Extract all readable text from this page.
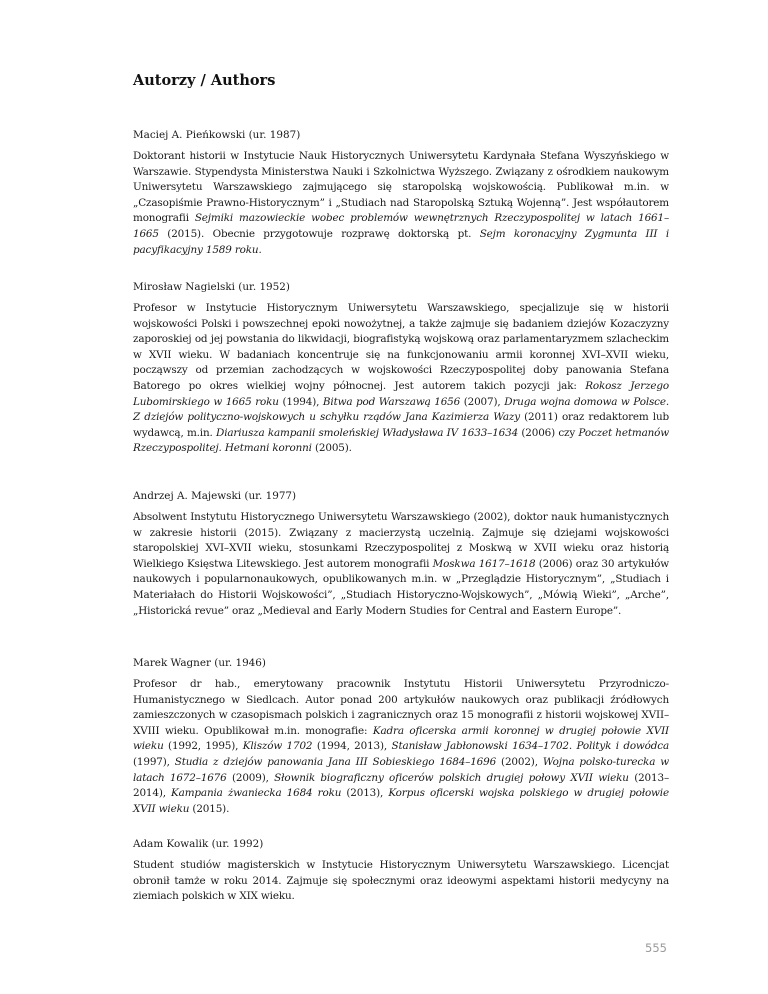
Autorzy / Authors

Maciej A. Pieńkowski (ur. 1987)

Doktorant historii w Instytucie Nauk Historycznych Uniwersytetu Kardynała Stefana Wyszyńskiego w Warszawie. Stypendysta Ministerstwa Nauki i Szkolnictwa Wyższego. Związany z ośrodkiem naukowym Uniwersytetu Warszawskiego zajmującego się staropolską wojskowością. Publikował m.in. w „Czasopiśmie Prawno-Historycznym” i „Studiach nad Staropolską Sztuką Wojenną”. Jest współautorem monografii Sejmiki mazowieckie wobec problemów wewnętrznych Rzeczypospolitej w latach 1661–1665 (2015). Obecnie przygotowuje rozprawę doktorską pt. Sejm koronacyjny Zygmunta III i pacyfikacyjny 1589 roku.

Mirosław Nagielski (ur. 1952)

Profesor w Instytucie Historycznym Uniwersytetu Warszawskiego, specjalizuje się w historii wojskowości Polski i powszechnej epoki nowożytnej, a także zajmuje się badaniem dziejów Kozaczyzny zaporoskiej od jej powstania do likwidacji, biografistyką wojskową oraz parlamentaryzmem szlacheckim w XVII wieku. W badaniach koncentruje się na funkcjonowaniu armii koronnej XVI–XVII wieku, począwszy od przemian zachodzących w wojskowości Rzeczypospolitej doby panowania Stefana Batorego po okres wielkiej wojny północnej. Jest autorem takich pozycji jak: Rokosz Jerzego Lubomirskiego w 1665 roku (1994), Bitwa pod Warszawą 1656 (2007), Druga wojna domowa w Polsce. Z dziejów polityczno-wojskowych u schyłku rządów Jana Kazimierza Wazy (2011) oraz redaktorem lub wydawcą, m.in. Diariusza kampanii smoleńskiej Władysława IV 1633–1634 (2006) czy Poczet hetmanów Rzeczypospolitej. Hetmani koronni (2005).

Andrzej A. Majewski (ur. 1977)

Absolwent Instytutu Historycznego Uniwersytetu Warszawskiego (2002), doktor nauk humanistycznych w zakresie historii (2015). Związany z macierzystą uczelnią. Zajmuje się dziejami wojskowości staropolskiej XVI–XVII wieku, stosunkami Rzeczypospolitej z Moskwą w XVII wieku oraz historią Wielkiego Księstwa Litewskiego. Jest autorem monografii Moskwa 1617–1618 (2006) oraz 30 artykułów naukowych i popularnonaukowych, opublikowanych m.in. w „Przeglądzie Historycznym”, „Studiach i Materiałach do Historii Wojskowości”, „Studiach Historyczno-Wojskowych”, „Mówią Wieki”, „Arche”, „Historická revue” oraz „Medieval and Early Modern Studies for Central and Eastern Europe”.

Marek Wagner (ur. 1946)

Profesor dr hab., emerytowany pracownik Instytutu Historii Uniwersytetu Przyrodniczo-Humanistycznego w Siedlcach. Autor ponad 200 artykułów naukowych oraz publikacji źródłowych zamieszczonych w czasopismach polskich i zagranicznych oraz 15 monografii z historii wojskowej XVII–XVIII wieku. Opublikował m.in. monografie: Kadra oficerska armii koronnej w drugiej połowie XVII wieku (1992, 1995), Kliszów 1702 (1994, 2013), Stanisław Jabłonowski 1634–1702. Polityk i dowódca (1997), Studia z dziejów panowania Jana III Sobieskiego 1684–1696 (2002), Wojna polsko-turecka w latach 1672–1676 (2009), Słownik biograficzny oficerów polskich drugiej połowy XVII wieku (2013–2014), Kampania żwaniecka 1684 roku (2013), Korpus oficerski wojska polskiego w drugiej połowie XVII wieku (2015).

Adam Kowalik (ur. 1992)

Student studiów magisterskich w Instytucie Historycznym Uniwersytetu Warszawskiego. Licencjat obronił tamże w roku 2014. Zajmuje się społecznymi oraz ideowymi aspektami historii medycyny na ziemiach polskich w XIX wieku.

555
